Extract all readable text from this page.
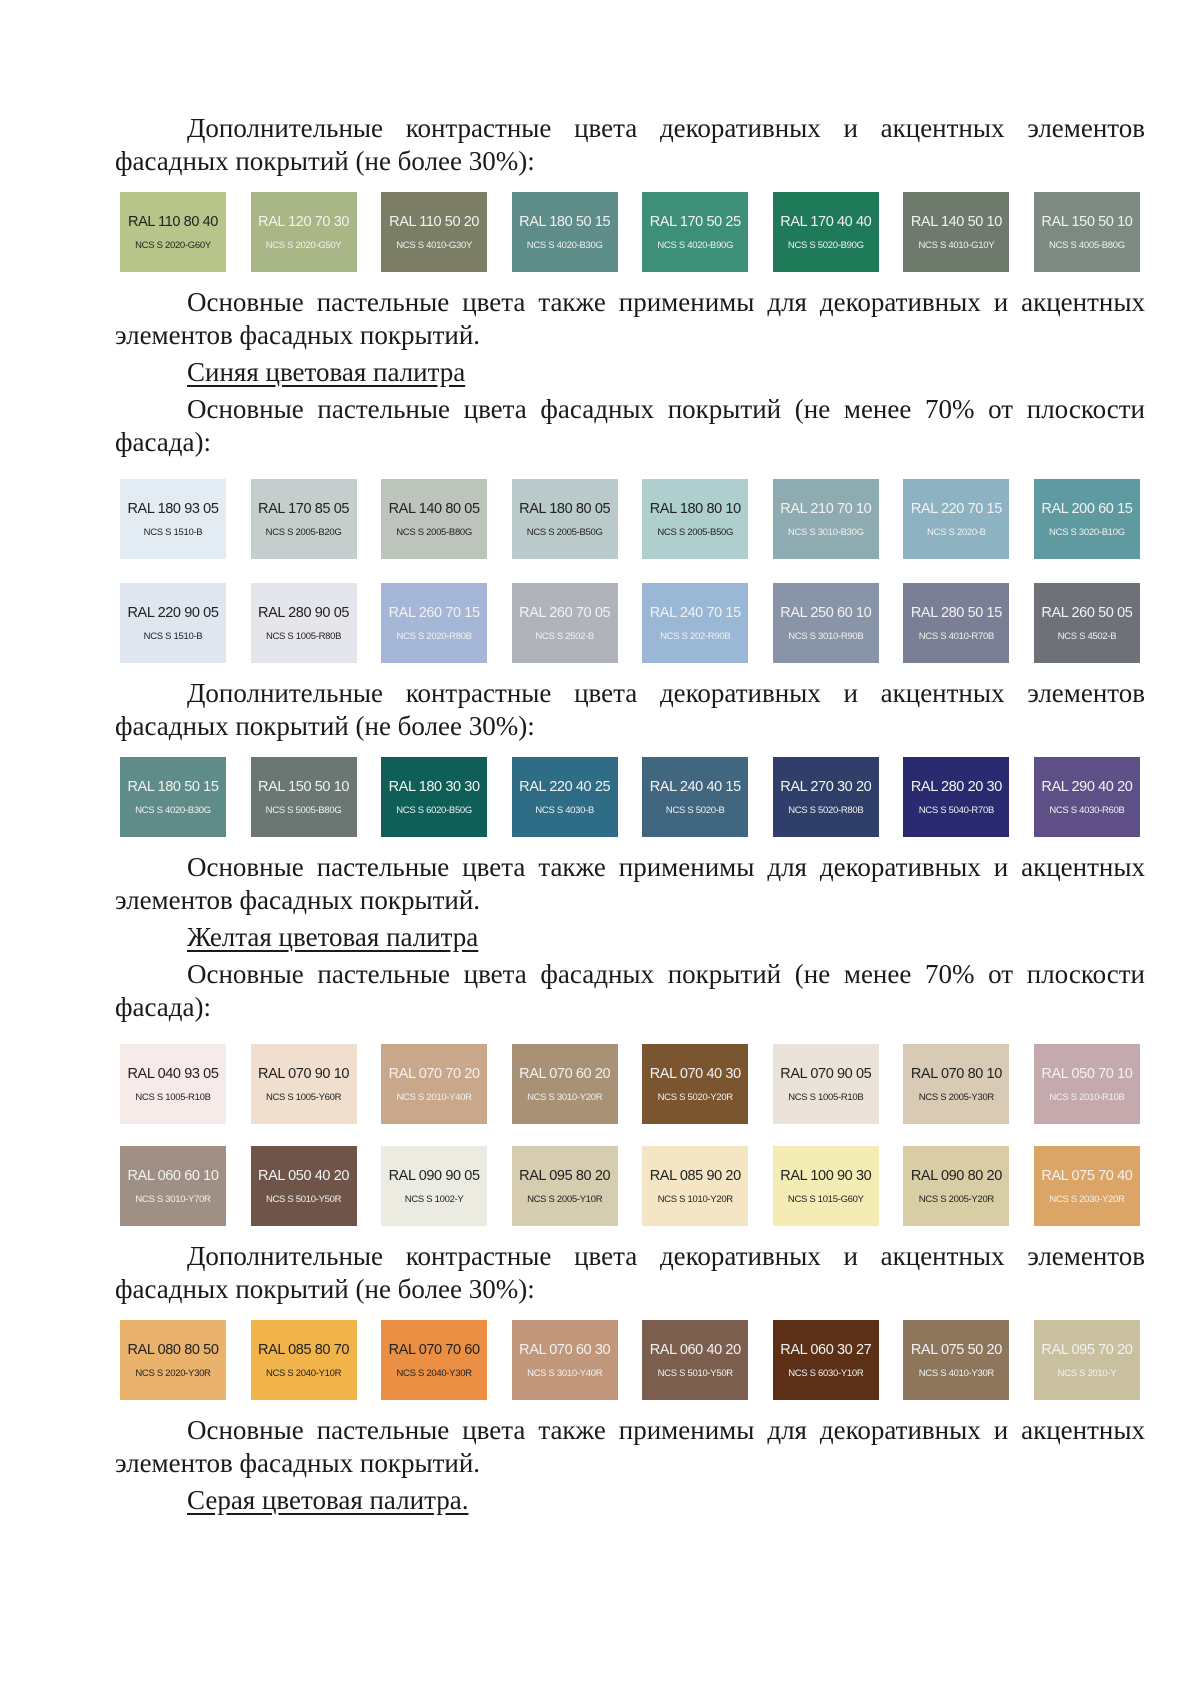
Дополнительные контрастные цвета декоративных и акцентных элементов фасадных покрытий (не более 30%):

RAL 110 80 40
NCS S 2020-G60Y
RAL 120 70 30
NCS S 2020-G50Y
RAL 110 50 20
NCS S 4010-G30Y
RAL 180 50 15
NCS S 4020-B30G
RAL 170 50 25
NCS S 4020-B90G
RAL 170 40 40
NCS S 5020-B90G
RAL 140 50 10
NCS S 4010-G10Y
RAL 150 50 10
NCS S 4005-B80G

Основные пастельные цвета также применимы для декоративных и акцентных элементов фасадных покрытий.

Синяя цветовая палитра

Основные пастельные цвета фасадных покрытий (не менее 70% от плоскости фасада):

RAL 180 93 05
NCS S 1510-B
RAL 170 85 05
NCS S 2005-B20G
RAL 140 80 05
NCS S 2005-B80G
RAL 180 80 05
NCS S 2005-B50G
RAL 180 80 10
NCS S 2005-B50G
RAL 210 70 10
NCS S 3010-B30G
RAL 220 70 15
NCS S 2020-B
RAL 200 60 15
NCS S 3020-B10G
RAL 220 90 05
NCS S 1510-B
RAL 280 90 05
NCS S 1005-R80B
RAL 260 70 15
NCS S 2020-R80B
RAL 260 70 05
NCS S 2502-B
RAL 240 70 15
NCS S 202-R90B
RAL 250 60 10
NCS S 3010-R90B
RAL 280 50 15
NCS S 4010-R70B
RAL 260 50 05
NCS S 4502-B

Дополнительные контрастные цвета декоративных и акцентных элементов фасадных покрытий (не более 30%):

RAL 180 50 15
NCS S 4020-B30G
RAL 150 50 10
NCS S 5005-B80G
RAL 180 30 30
NCS S 6020-B50G
RAL 220 40 25
NCS S 4030-B
RAL 240 40 15
NCS S 5020-B
RAL 270 30 20
NCS S 5020-R80B
RAL 280 20 30
NCS S 5040-R70B
RAL 290 40 20
NCS S 4030-R60B

Основные пастельные цвета также применимы для декоративных и акцентных элементов фасадных покрытий.

Желтая цветовая палитра

Основные пастельные цвета фасадных покрытий (не менее 70% от плоскости фасада):

RAL 040 93 05
NCS S 1005-R10B
RAL 070 90 10
NCS S 1005-Y60R
RAL 070 70 20
NCS S 2010-Y40R
RAL 070 60 20
NCS S 3010-Y20R
RAL 070 40 30
NCS S 5020-Y20R
RAL 070 90 05
NCS S 1005-R10B
RAL 070 80 10
NCS S 2005-Y30R
RAL 050 70 10
NCS S 2010-R10B
RAL 060 60 10
NCS S 3010-Y70R
RAL 050 40 20
NCS S 5010-Y50R
RAL 090 90 05
NCS S 1002-Y
RAL 095 80 20
NCS S 2005-Y10R
RAL 085 90 20
NCS S 1010-Y20R
RAL 100 90 30
NCS S 1015-G60Y
RAL 090 80 20
NCS S 2005-Y20R
RAL 075 70 40
NCS S 2030-Y20R

Дополнительные контрастные цвета декоративных и акцентных элементов фасадных покрытий (не более 30%):

RAL 080 80 50
NCS S 2020-Y30R
RAL 085 80 70
NCS S 2040-Y10R
RAL 070 70 60
NCS S 2040-Y30R
RAL 070 60 30
NCS S 3010-Y40R
RAL 060 40 20
NCS S 5010-Y50R
RAL 060 30 27
NCS S 6030-Y10R
RAL 075 50 20
NCS S 4010-Y30R
RAL 095 70 20
NCS S 2010-Y

Основные пастельные цвета также применимы для декоративных и акцентных элементов фасадных покрытий.

Серая цветовая палитра.
